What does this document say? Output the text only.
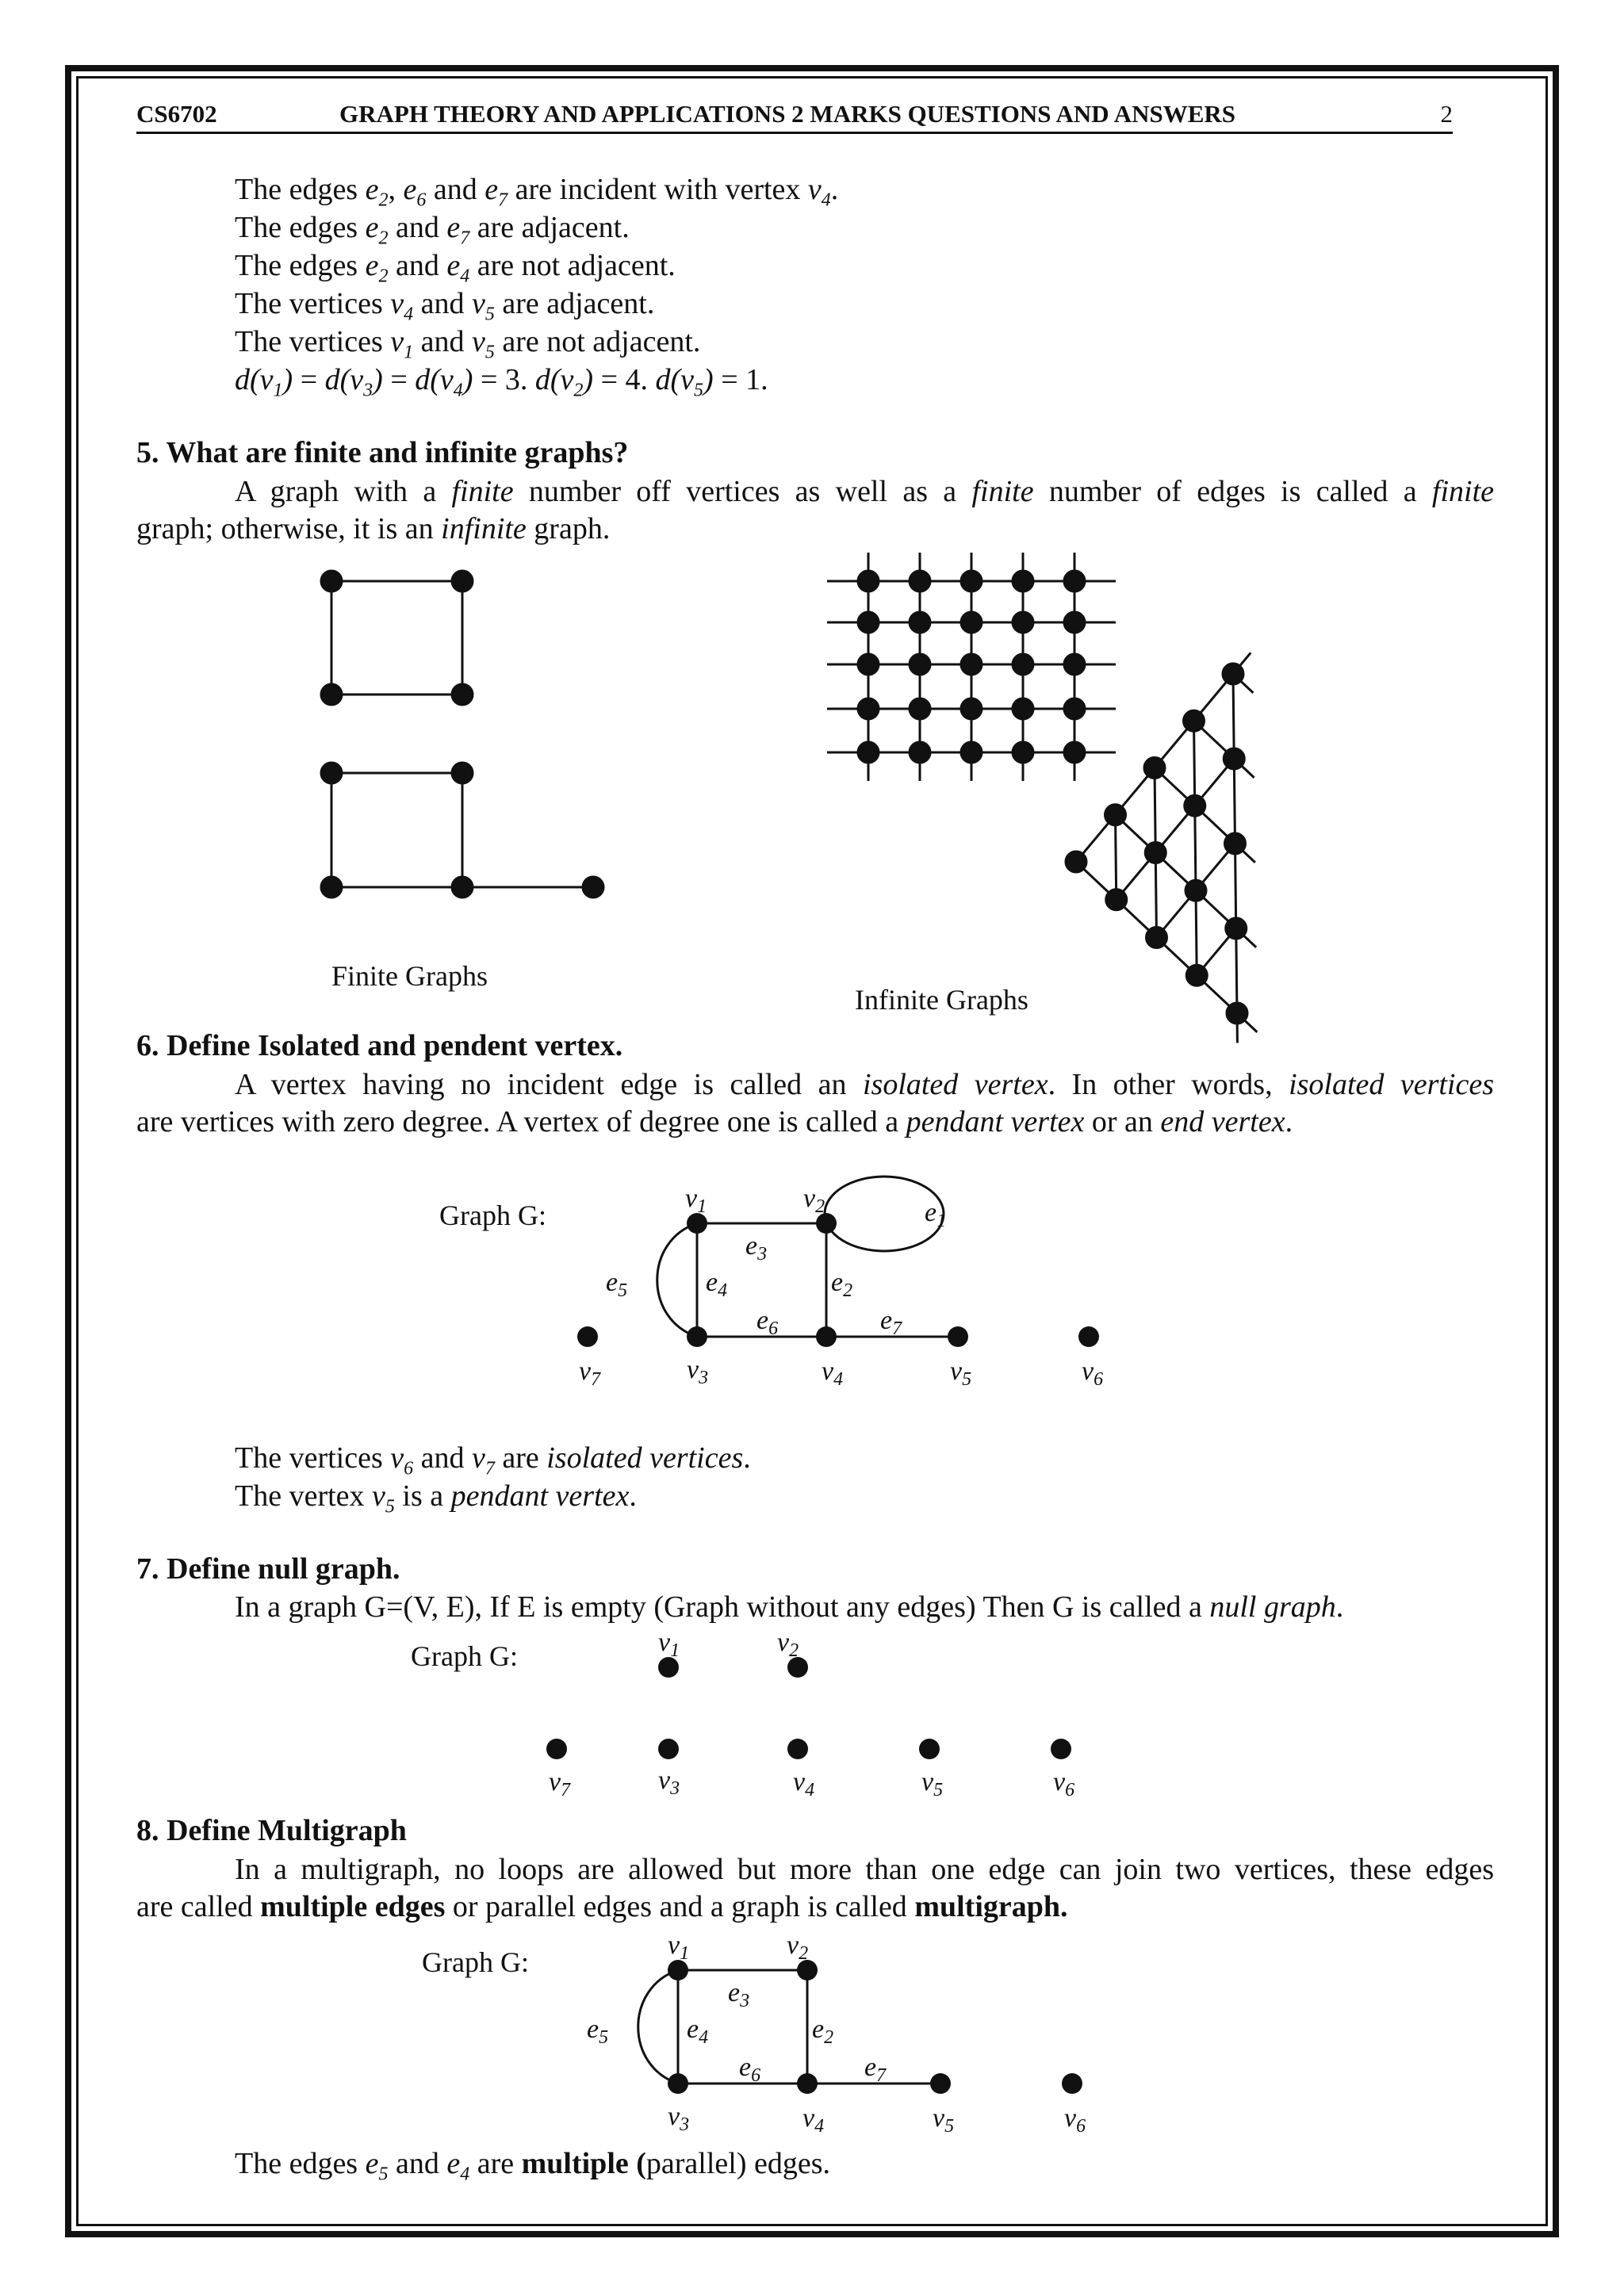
CS6702	GRAPH THEORY AND APPLICATIONS 2 MARKS QUESTIONS AND ANSWERS	2
The edges $e_2$, $e_6$ and $e_7$ are incident with vertex $v_4$.
The edges $e_2$ and $e_7$ are adjacent.
The edges $e_2$ and $e_4$ are not adjacent.
The vertices $v_4$ and $v_5$ are adjacent.
The vertices $v_1$ and $v_5$ are not adjacent.
$d(v_1) = d(v_3) = d(v_4) = 3$. $d(v_2) = 4$. $d(v_5) = 1$.
5. What are finite and infinite graphs?
A graph with a finite number off vertices as well as a finite number of edges is called a finite
graph; otherwise, it is an infinite graph.
$v_1$	$v_2$	$e_1$
$e_3$
$e_5$	$e_4$	$e_2$
$e_6$	$e_7$
$v_7$	$v_3$	$v_4$	$v_5$	$v_6$
$v_1$	$v_2$
$v_7$	$v_3$	$v_4$	$v_5$	$v_6$
$v_1$	$v_2$
$e_3$
$e_5$	$e_4$	$e_2$
$e_6$	$e_7$
$v_3$	$v_4$	$v_5$	$v_6$
Finite Graphs
Infinite Graphs
6. Define Isolated and pendent vertex.
A vertex having no incident edge is called an isolated vertex. In other words, isolated vertices
are vertices with zero degree. A vertex of degree one is called a pendant vertex or an end vertex.
Graph G:
The vertices $v_6$ and $v_7$ are isolated vertices.
The vertex $v_5$ is a pendant vertex.
7. Define null graph.
In a graph G=(V, E), If E is empty (Graph without any edges) Then G is called a null graph.
Graph G:
8. Define Multigraph
In a multigraph, no loops are allowed but more than one edge can join two vertices, these edges
are called multiple edges or parallel edges and a graph is called multigraph.
Graph G:
The edges $e_5$ and $e_4$ are multiple (parallel) edges.
